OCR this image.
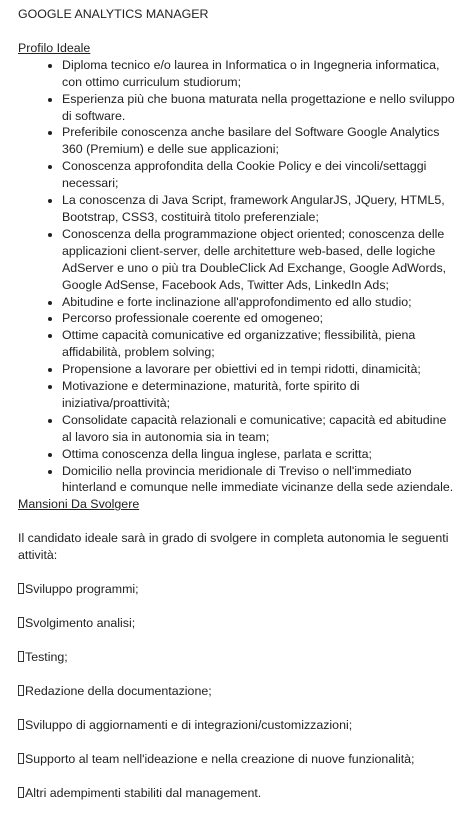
GOOGLE ANALYTICS MANAGER
Profilo Ideale
• Diploma tecnico e/o laurea in Informatica o in Ingegneria informatica, con ottimo curriculum studiorum;
• Esperienza più che buona maturata nella progettazione e nello sviluppo di software.
• Preferibile conoscenza anche basilare del Software Google Analytics 360 (Premium) e delle sue applicazioni;
• Conoscenza approfondita della Cookie Policy e dei vincoli/settaggi necessari;
• La conoscenza di Java Script, framework AngularJS, JQuery, HTML5, Bootstrap, CSS3, costituirà titolo preferenziale;
• Conoscenza della programmazione object oriented; conoscenza delle applicazioni client-server, delle architetture web-based, delle logiche AdServer e uno o più tra DoubleClick Ad Exchange, Google AdWords, Google AdSense, Facebook Ads, Twitter Ads, LinkedIn Ads;
• Abitudine e forte inclinazione all'approfondimento ed allo studio;
• Percorso professionale coerente ed omogeneo;
• Ottime capacità comunicative ed organizzative; flessibilità, piena affidabilità, problem solving;
• Propensione a lavorare per obiettivi ed in tempi ridotti, dinamicità;
• Motivazione e determinazione, maturità, forte spirito di iniziativa/proattività;
• Consolidate capacità relazionali e comunicative; capacità ed abitudine al lavoro sia in autonomia sia in team;
• Ottima conoscenza della lingua inglese, parlata e scritta;
• Domicilio nella provincia meridionale di Treviso o nell'immediato hinterland e comunque nelle immediate vicinanze della sede aziendale.
Mansioni Da Svolgere

Il candidato ideale sarà in grado di svolgere in completa autonomia le seguenti attività:

Sviluppo programmi;
Svolgimento analisi;
Testing;
Redazione della documentazione;
Sviluppo di aggiornamenti e di integrazioni/customizzazioni;
Supporto al team nell'ideazione e nella creazione di nuove funzionalità;
Altri adempimenti stabiliti dal management.
